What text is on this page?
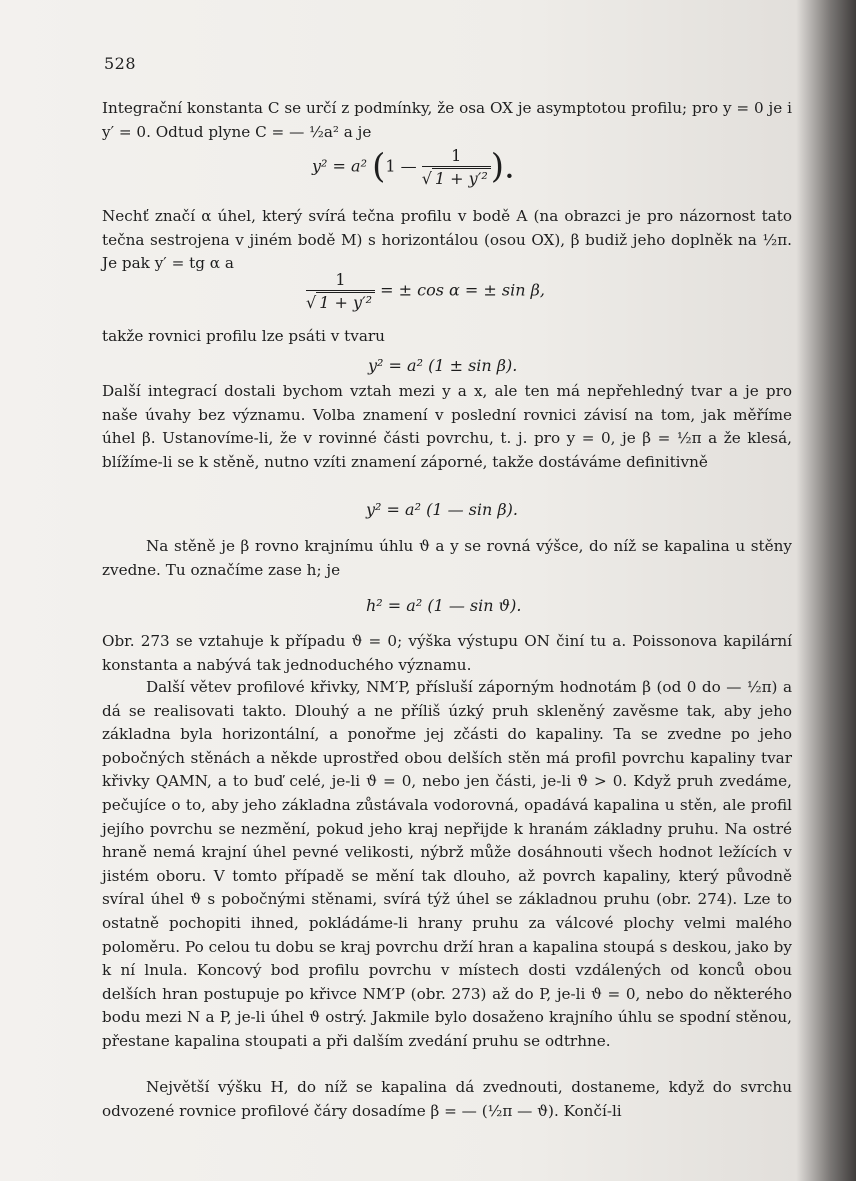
528

Integrační konstanta C se určí z podmínky, že osa OX je asymptotou profilu; pro y = 0 je i y′ = 0. Odtud plyne C = — ½a² a je

y² = a² (1 — $\frac{1}{\text{√ 1 + y′²}}$ ).

Nechť značí α úhel, který svírá tečna profilu v bodě A (na obrazci je pro názornost tato tečna sestrojena v jiném bodě M) s horizontálou (osou OX), β budiž jeho doplněk na ½π. Je pak y′ = tg α a

$\frac{1}{\text{√ 1 + y′²}}$ = ± cos α = ± sin β,

takže rovnici profilu lze psáti v tvaru

y² = a² (1 ± sin β).

Další integrací dostali bychom vztah mezi y a x, ale ten má nepřehledný tvar a je pro naše úvahy bez významu. Volba znamení v poslední rovnici závisí na tom, jak měříme úhel β. Ustanovíme-li, že v rovinné části povrchu, t. j. pro y = 0, je β = ½π a že klesá, blížíme-li se k stěně, nutno vzíti znamení záporné, takže dostáváme definitivně

y² = a² (1 — sin β).

Na stěně je β rovno krajnímu úhlu ϑ a y se rovná výšce, do níž se kapalina u stěny zvedne. Tu označíme zase h; je

h² = a² (1 — sin ϑ).

Obr. 273 se vztahuje k případu ϑ = 0; výška výstupu ON činí tu a. Poissonova kapilární konstanta a nabývá tak jednoduchého významu.

Další větev profilové křivky, NM′P, přísluší záporným hodnotám β (od 0 do — ½π) a dá se realisovati takto. Dlouhý a ne příliš úzký pruh skleněný zavěsme tak, aby jeho základna byla horizontální, a ponořme jej zčásti do kapaliny. Ta se zvedne po jeho pobočných stěnách a někde uprostřed obou delších stěn má profil povrchu kapaliny tvar křivky QAMN, a to buď celé, je-li ϑ = 0, nebo jen části, je-li ϑ > 0. Když pruh zvedáme, pečujíce o to, aby jeho základna zůstávala vodorovná, opadává kapalina u stěn, ale profil jejího povrchu se nezmění, pokud jeho kraj nepřijde k hranám základny pruhu. Na ostré hraně nemá krajní úhel pevné velikosti, nýbrž může dosáhnouti všech hodnot ležících v jistém oboru. V tomto případě se mění tak dlouho, až povrch kapaliny, který původně svíral úhel ϑ s pobočnými stěnami, svírá týž úhel se základnou pruhu (obr. 274). Lze to ostatně pochopiti ihned, pokládáme-li hrany pruhu za válcové plochy velmi malého poloměru. Po celou tu dobu se kraj povrchu drží hran a kapalina stoupá s deskou, jako by k ní lnula. Koncový bod profilu povrchu v místech dosti vzdálených od konců obou delších hran postupuje po křivce NM′P (obr. 273) až do P, je-li ϑ = 0, nebo do některého bodu mezi N a P, je-li úhel ϑ ostrý. Jakmile bylo dosaženo krajního úhlu se spodní stěnou, přestane kapalina stoupati a při dalším zvedání pruhu se odtrhne.

Největší výšku H, do níž se kapalina dá zvednouti, dostaneme, když do svrchu odvozené rovnice profilové čáry dosadíme β = — (½π — ϑ). Končí-li
